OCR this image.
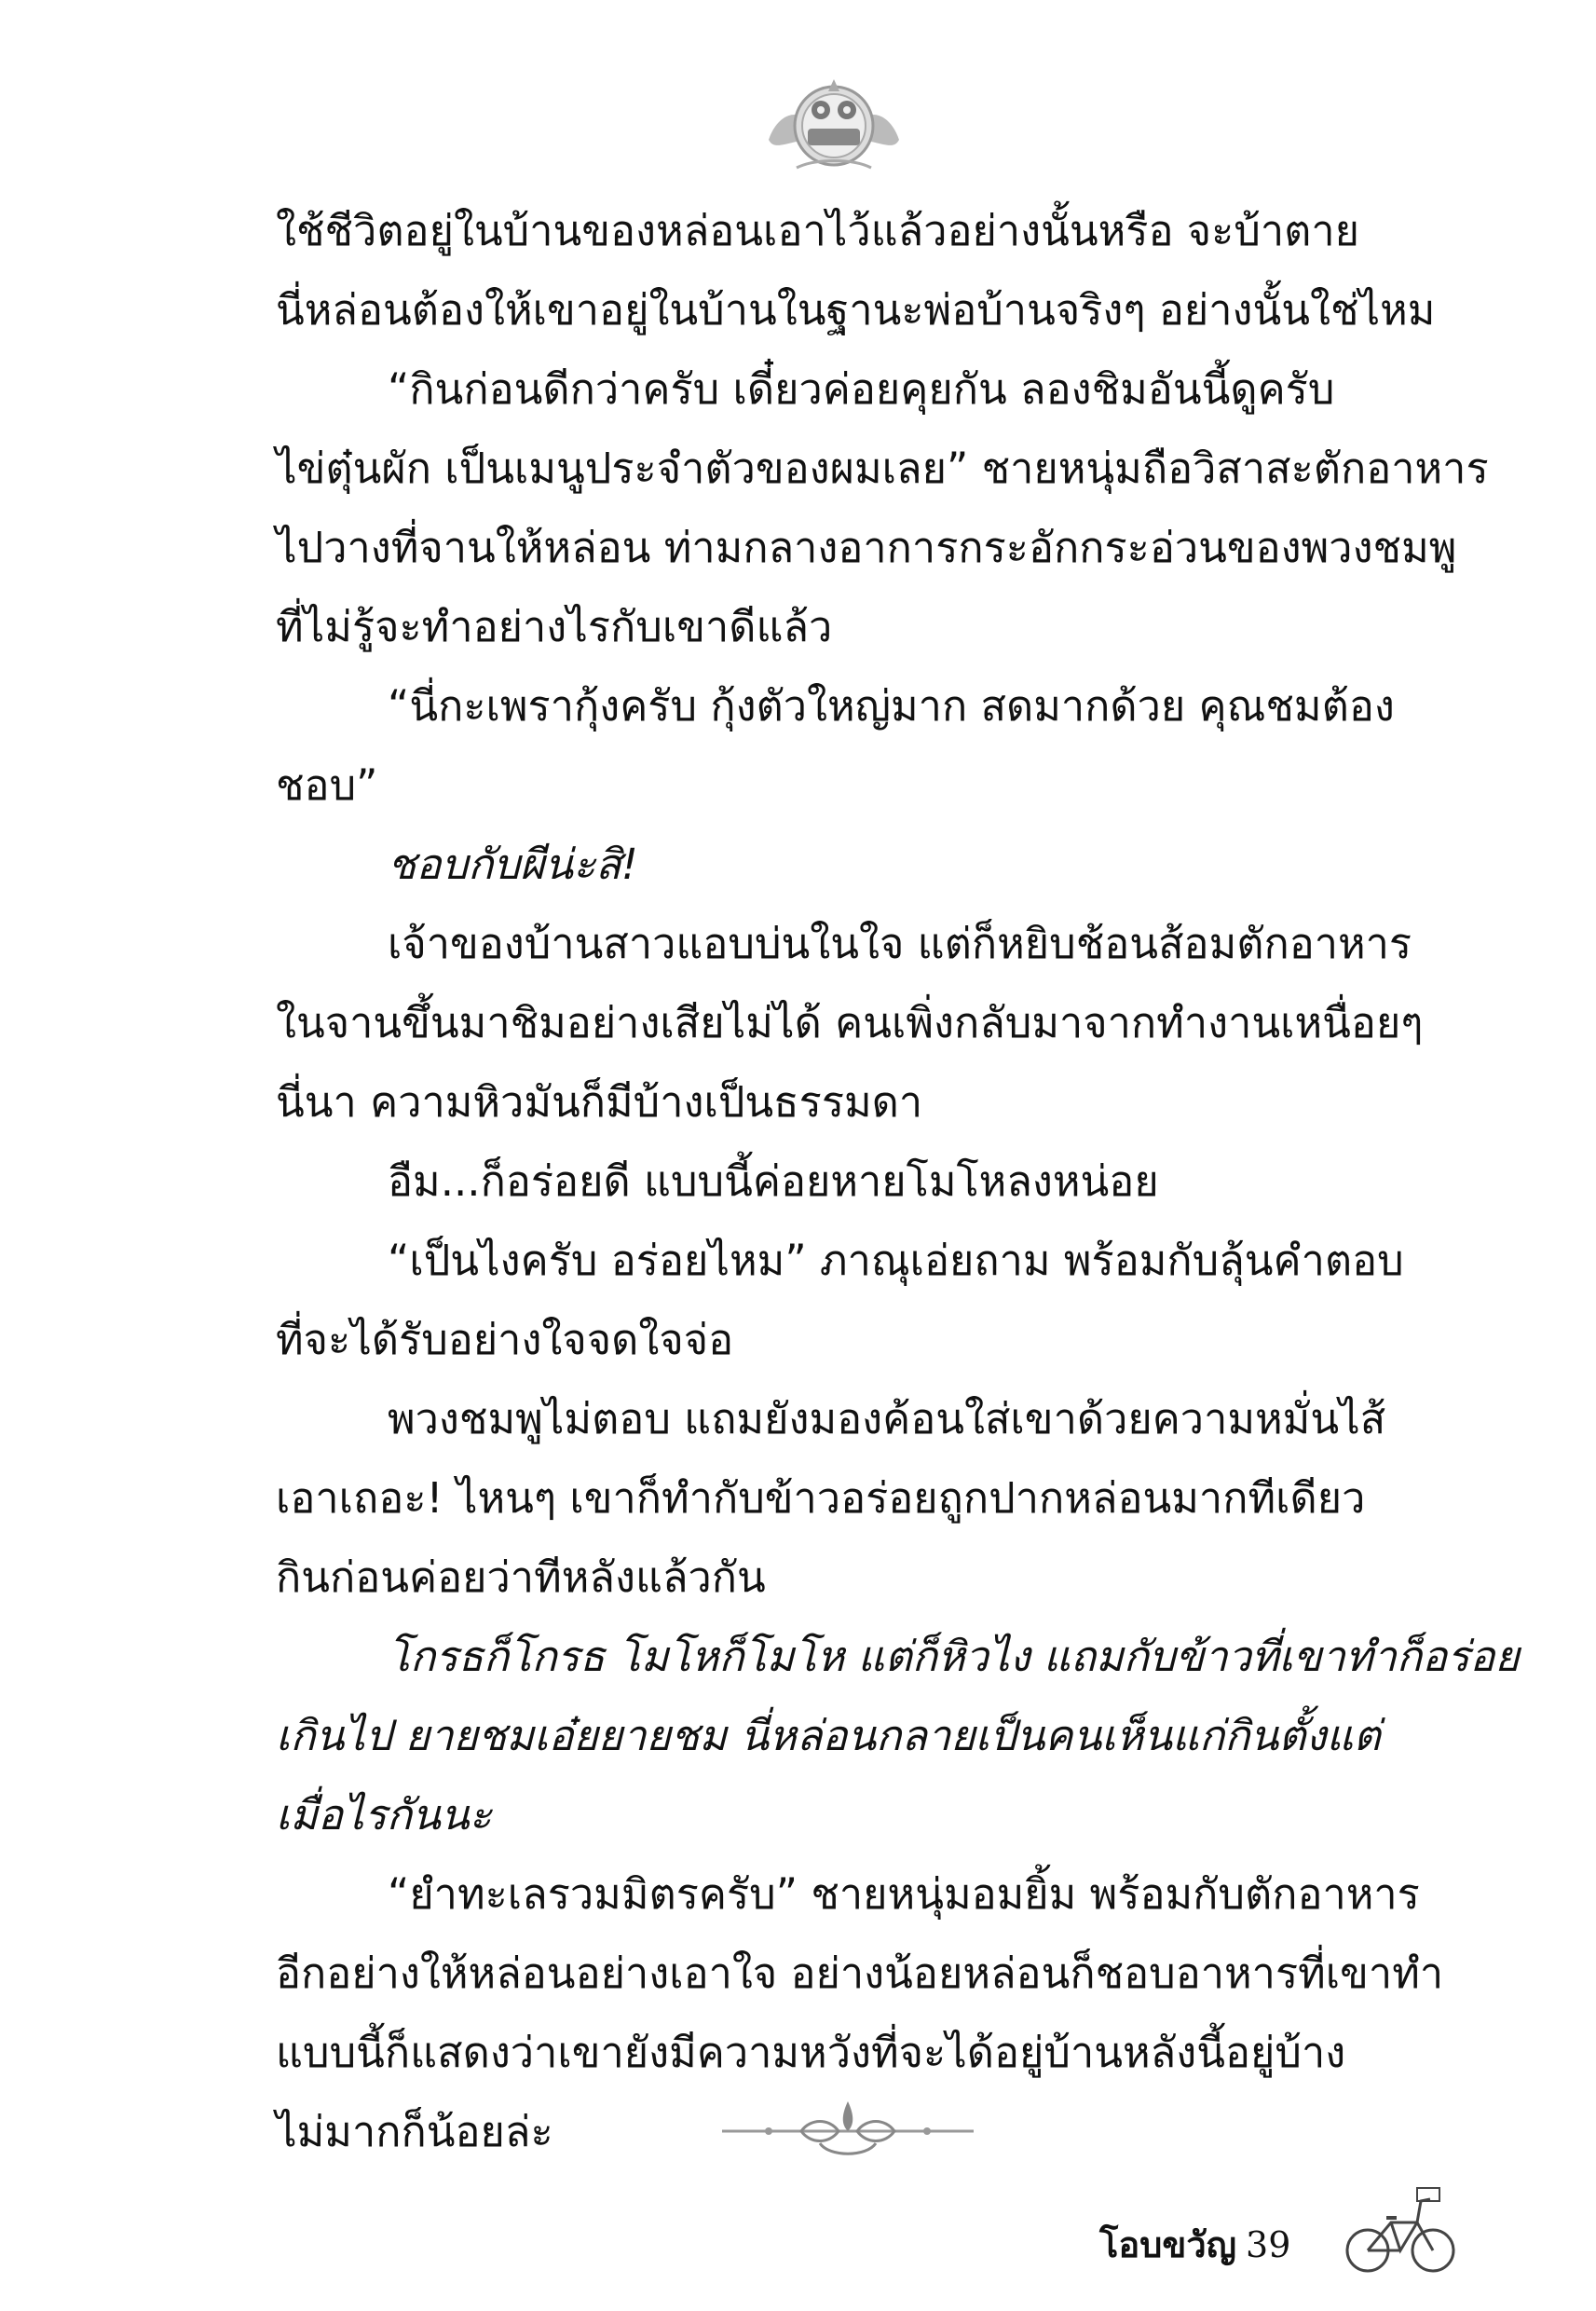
ใช้ชีวิตอยู่ในบ้านของหล่อนเอาไว้แล้วอย่างนั้นหรือ จะบ้าตาย
นี่หล่อนต้องให้เขาอยู่ในบ้านในฐานะพ่อบ้านจริงๆ อย่างนั้นใช่ไหม
“กินก่อนดีกว่าครับ เดี๋ยวค่อยคุยกัน ลองชิมอันนี้ดูครับ
ไข่ตุ๋นผัก เป็นเมนูประจำตัวของผมเลย” ชายหนุ่มถือวิสาสะตักอาหาร
ไปวางที่จานให้หล่อน ท่ามกลางอาการกระอักกระอ่วนของพวงชมพู
ที่ไม่รู้จะทำอย่างไรกับเขาดีแล้ว
“นี่กะเพรากุ้งครับ กุ้งตัวใหญ่มาก สดมากด้วย คุณชมต้อง
ชอบ”
ชอบกับผีน่ะสิ!
เจ้าของบ้านสาวแอบบ่นในใจ แต่ก็หยิบช้อนส้อมตักอาหาร
ในจานขึ้นมาชิมอย่างเสียไม่ได้ คนเพิ่งกลับมาจากทำงานเหนื่อยๆ
นี่นา ความหิวมันก็มีบ้างเป็นธรรมดา
อืม...ก็อร่อยดี แบบนี้ค่อยหายโมโหลงหน่อย
“เป็นไงครับ อร่อยไหม” ภาณุเอ่ยถาม พร้อมกับลุ้นคำตอบ
ที่จะได้รับอย่างใจจดใจจ่อ
พวงชมพูไม่ตอบ แถมยังมองค้อนใส่เขาด้วยความหมั่นไส้
เอาเถอะ! ไหนๆ เขาก็ทำกับข้าวอร่อยถูกปากหล่อนมากทีเดียว
กินก่อนค่อยว่าทีหลังแล้วกัน
โกรธก็โกรธ โมโหก็โมโห แต่ก็หิวไง แถมกับข้าวที่เขาทำก็อร่อย
เกินไป ยายชมเอ๋ยยายชม นี่หล่อนกลายเป็นคนเห็นแก่กินตั้งแต่
เมื่อไรกันนะ
“ยำทะเลรวมมิตรครับ” ชายหนุ่มอมยิ้ม พร้อมกับตักอาหาร
อีกอย่างให้หล่อนอย่างเอาใจ อย่างน้อยหล่อนก็ชอบอาหารที่เขาทำ
แบบนี้ก็แสดงว่าเขายังมีความหวังที่จะได้อยู่บ้านหลังนี้อยู่บ้าง
ไม่มากก็น้อยล่ะ
โอบขวัญ 39
